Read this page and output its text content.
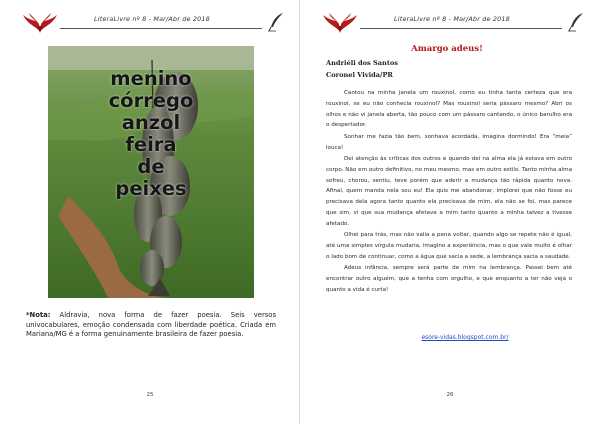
LiteraLivre nº 8 - Mar/Abr de 2018
menino
córrego
anzol
feira
de
peixes
*Nota: Aldravia, nova forma de fazer poesia. Seis versos univocabulares, emoção condensada com liberdade poética. Criada em Mariana/MG é a forma genuinamente brasileira de fazer poesia.
25
LiteraLivre nº 8 - Mar/Abr de 2018
26
Amargo adeus!
Andriéli dos Santos
Coronel Vivida/PR

Cantou na minha janela um rouxinol, como eu tinha tanta certeza que era rouxinol, se eu não conhecia rouxinol? Mas rouxinol seria pássaro mesmo? Abri os olhos e não vi janela aberta, tão pouco com um pássaro cantando, o único barulho era o despertador.

Sonhar me fazia tão bem, sonhava acordada, imagina dormindo! Era “meia” louca!

Dei atenção às críticas dos outros e quando dei na alma ela já estava em outro corpo. Não em outro definitivo, no meu mesmo, mas em outro estilo. Tanto minha alma sofreu, chorou, sentiu, teve porém que aderir a mudança tão rápida quanto nova. Afinal, quem manda nela sou eu! Ela quis me abandonar, implorei que não fosse eu precisava dela agora tanto quanto ela precisava de mim, ela não se foi, mas parece que sim, vi que sua mudança afetava a mim tanto quanto a minha talvez a tivesse afetado.

Olhei para trás, mas não valia a pena voltar, quando algo se repete não é igual, até uma simples vírgula mudaria, imagino a experiência, mas o que vale muito é olhar o lado bom de continuar, como a água que sacia a sede, a lembrança sacia a saudade.

Adeus infância, sempre será parte de mim na lembrança. Passei bem até encontrar outro alguém, que a tenha com orgulho, e que enquanto a ter não veja o quanto a vida é curta!

esore-vidas.blogspot.com.br/
